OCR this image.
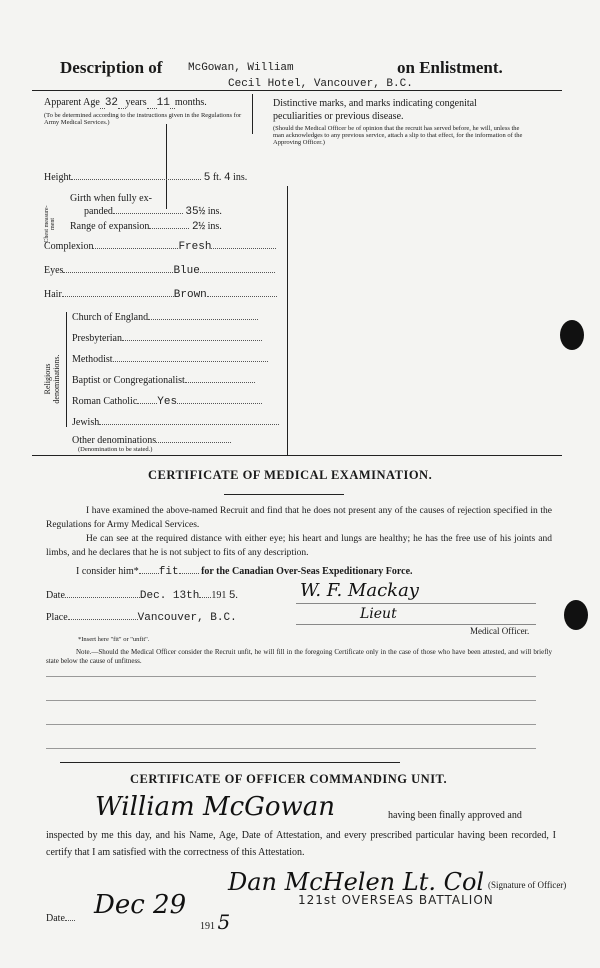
Description of McGowan, William	on Enlistment.
Cecil Hotel, Vancouver, B.C.
Apparent Age 32 years 11 months.
(To be determined according to the instructions given in the Regulations for Army Medical Services.)
Distinctive marks, and marks indicating congenital peculiarities or previous disease.
(Should the Medical Officer be of opinion that the recruit has served before, he will, unless the man acknowledges to any previous service, attach a slip to that effect, for the information of the Approving Officer.)
Height	5 ft. 4 ins.
Chest measure-ment
Girth when fully ex-
panded	35½ ins.
Range of expansion	2½ ins.
Complexion	Fresh
Eyes	Blue
Hair	Brown
Religious denominations.
Church of England
Presbyterian
Methodist
Baptist or Congregationalist
Roman Catholic Yes
Jewish
Other denominations
(Denomination to be stated.)
CERTIFICATE OF MEDICAL EXAMINATION.
I have examined the above-named Recruit and find that he does not present any of the causes of rejection specified in the Regulations for Army Medical Services.
He can see at the required distance with either eye; his heart and lungs are healthy; he has the free use of his joints and limbs, and he declares that he is not subject to fits of any description.
I consider him* fit for the Canadian Over-Seas Expeditionary Force.
Date	Dec. 13th 191 5.	W. F. Mackay
Place	Vancouver, B.C.	Lieut
Medical Officer.
*Insert here "fit" or "unfit".
Note.—Should the Medical Officer consider the Recruit unfit, he will fill in the foregoing Certificate only in the case of those who have been attested, and will briefly state below the cause of unfitness.
CERTIFICATE OF OFFICER COMMANDING UNIT.
William McGowan	having been finally approved and
inspected by me this day, and his Name, Age, Date of Attestation, and every prescribed particular having been recorded, I certify that I am satisfied with the correctness of this Attestation.
Dan McHelen Lt. Col (Signature of Officer)
Date	Dec 29
191 5
121st OVERSEAS BATTALION
